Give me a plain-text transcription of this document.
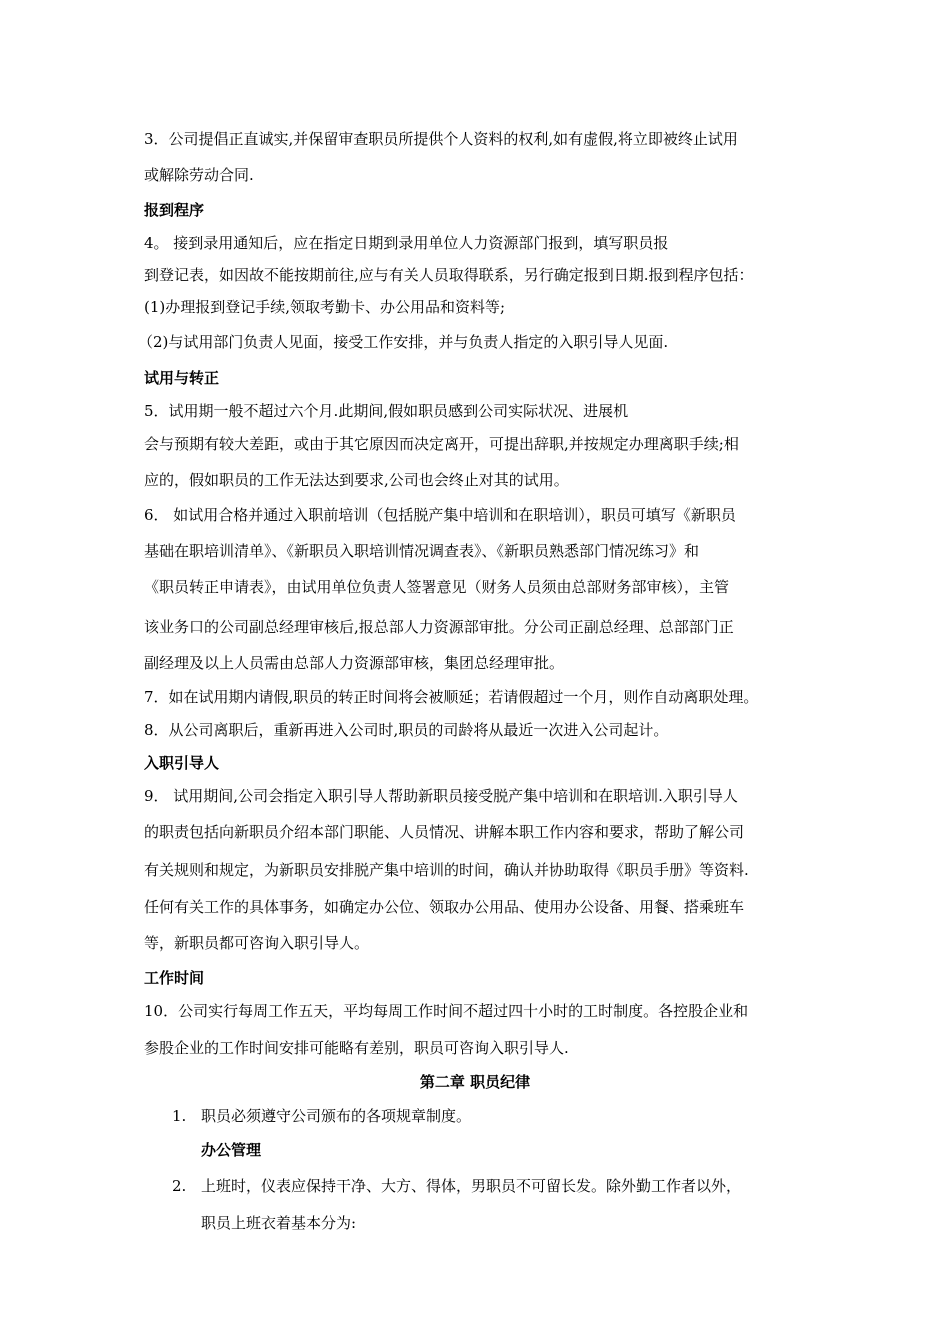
3．公司提倡正直诚实,并保留审查职员所提供个人资料的权利,如有虚假,将立即被终止试用
或解除劳动合同.
报到程序
4。 接到录用通知后，应在指定日期到录用单位人力资源部门报到，填写职员报
到登记表，如因故不能按期前往,应与有关人员取得联系，另行确定报到日期.报到程序包括：
(1)办理报到登记手续,领取考勤卡、办公用品和资料等;
（2)与试用部门负责人见面，接受工作安排，并与负责人指定的入职引导人见面.
试用与转正
5．试用期一般不超过六个月.此期间,假如职员感到公司实际状况、进展机
会与预期有较大差距，或由于其它原因而决定离开，可提出辞职,并按规定办理离职手续;相
应的，假如职员的工作无法达到要求,公司也会终止对其的试用。
6． 如试用合格并通过入职前培训（包括脱产集中培训和在职培训），职员可填写《新职员
基础在职培训清单》、《新职员入职培训情况调查表》、《新职员熟悉部门情况练习》和
《职员转正申请表》，由试用单位负责人签署意见（财务人员须由总部财务部审核），主管
该业务口的公司副总经理审核后,报总部人力资源部审批。分公司正副总经理、总部部门正
副经理及以上人员需由总部人力资源部审核，集团总经理审批。
7．如在试用期内请假,职员的转正时间将会被顺延；若请假超过一个月，则作自动离职处理。
8．从公司离职后，重新再进入公司时,职员的司龄将从最近一次进入公司起计。
入职引导人
9． 试用期间,公司会指定入职引导人帮助新职员接受脱产集中培训和在职培训.入职引导人
的职责包括向新职员介绍本部门职能、人员情况、讲解本职工作内容和要求，帮助了解公司
有关规则和规定，为新职员安排脱产集中培训的时间，确认并协助取得《职员手册》等资料.
任何有关工作的具体事务，如确定办公位、领取办公用品、使用办公设备、用餐、搭乘班车
等，新职员都可咨询入职引导人。
工作时间
10．公司实行每周工作五天，平均每周工作时间不超过四十小时的工时制度。各控股企业和
参股企业的工作时间安排可能略有差别，职员可咨询入职引导人.
第二章 职员纪律
1. 职员必须遵守公司颁布的各项规章制度。
办公管理
2. 上班时，仪表应保持干净、大方、得体，男职员不可留长发。除外勤工作者以外，
职员上班衣着基本分为:
